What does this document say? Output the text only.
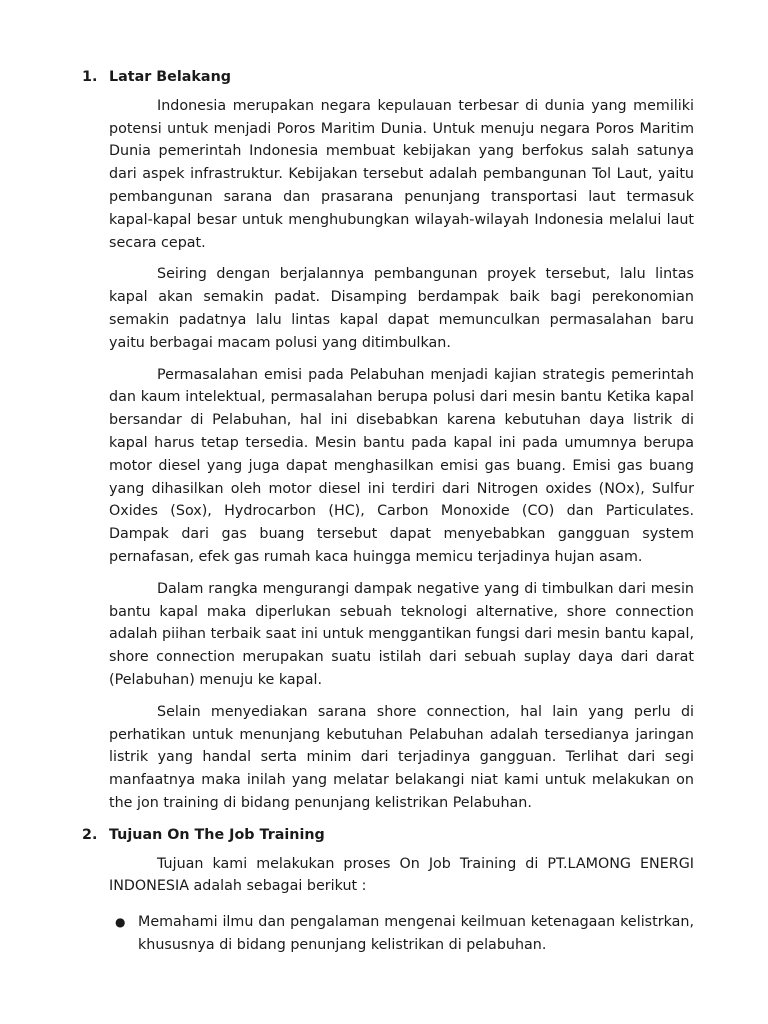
1. Latar Belakang

Indonesia merupakan negara kepulauan terbesar di dunia yang memiliki potensi untuk menjadi Poros Maritim Dunia. Untuk menuju negara Poros Maritim Dunia pemerintah Indonesia membuat kebijakan yang berfokus salah satunya dari aspek infrastruktur. Kebijakan tersebut adalah pembangunan Tol Laut, yaitu pembangunan sarana dan prasarana penunjang transportasi laut termasuk kapal-kapal besar untuk menghubungkan wilayah-wilayah Indonesia melalui laut secara cepat.

Seiring dengan berjalannya pembangunan proyek tersebut, lalu lintas kapal akan semakin padat. Disamping berdampak baik bagi perekonomian semakin padatnya lalu lintas kapal dapat memunculkan permasalahan baru yaitu berbagai macam polusi yang ditimbulkan.

Permasalahan emisi pada Pelabuhan menjadi kajian strategis pemerintah dan kaum intelektual, permasalahan berupa polusi dari mesin bantu Ketika kapal bersandar di Pelabuhan, hal ini disebabkan karena kebutuhan daya listrik di kapal harus tetap tersedia. Mesin bantu pada kapal ini pada umumnya berupa motor diesel yang juga dapat menghasilkan emisi gas buang. Emisi gas buang yang dihasilkan oleh motor diesel ini terdiri dari Nitrogen oxides (NOx), Sulfur Oxides (Sox), Hydrocarbon (HC), Carbon Monoxide (CO) dan Particulates. Dampak dari gas buang tersebut dapat menyebabkan gangguan system pernafasan, efek gas rumah kaca huingga memicu terjadinya hujan asam.

Dalam rangka mengurangi dampak negative yang di timbulkan dari mesin bantu kapal maka diperlukan sebuah teknologi alternative, shore connection adalah piihan terbaik saat ini untuk menggantikan fungsi dari mesin bantu kapal, shore connection merupakan suatu istilah dari sebuah suplay daya dari darat (Pelabuhan) menuju ke kapal.

Selain menyediakan sarana shore connection, hal lain yang perlu di perhatikan untuk menunjang kebutuhan Pelabuhan adalah tersedianya jaringan listrik yang handal serta minim dari terjadinya gangguan. Terlihat dari segi manfaatnya maka inilah yang melatar belakangi niat kami untuk melakukan on the jon training di bidang penunjang kelistrikan Pelabuhan.

2. Tujuan On The Job Training

Tujuan kami melakukan proses On Job Training di PT.LAMONG ENERGI INDONESIA adalah sebagai berikut :

● Memahami ilmu dan pengalaman mengenai keilmuan ketenagaan kelistrkan, khususnya di bidang penunjang kelistrikan di pelabuhan.
